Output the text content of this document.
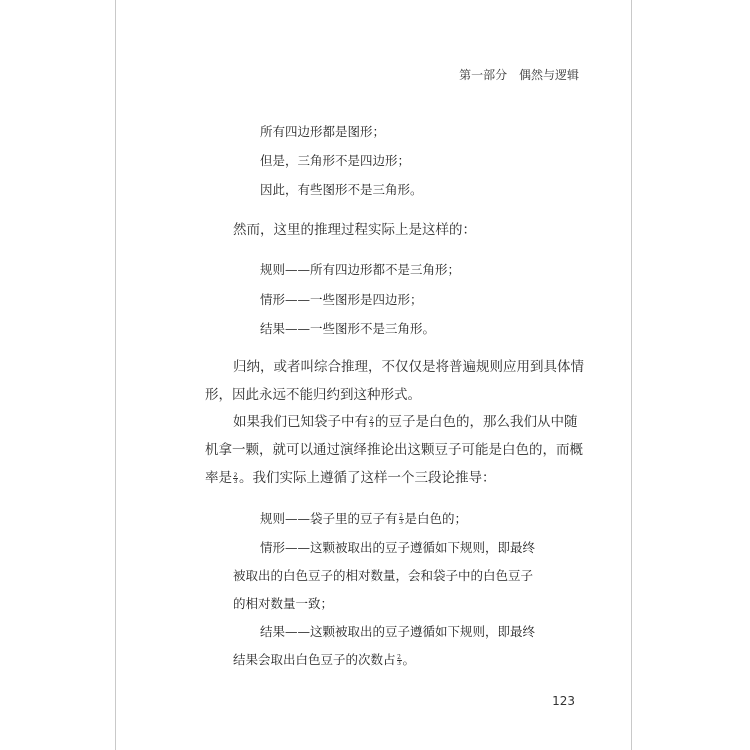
第一部分 偶然与逻辑
所有四边形都是图形；
但是，三角形不是四边形；
因此，有些图形不是三角形。
然而，这里的推理过程实际上是这样的：
规则——所有四边形都不是三角形；
情形——一些图形是四边形；
结果——一些图形不是三角形。
归纳，或者叫综合推理，不仅仅是将普遍规则应用到具体情
形，因此永远不能归约到这种形式。
如果我们已知袋子中有 $\frac{2}{3}$ 的豆子是白色的，那么我们从中随
机拿一颗，就可以通过演绎推论出这颗豆子可能是白色的，而概
率是 $\frac{2}{3}$ 。我们实际上遵循了这样一个三段论推导：
规则——袋子里的豆子有 $\frac{2}{3}$ 是白色的；
情形——这颗被取出的豆子遵循如下规则，即最终
被取出的白色豆子的相对数量，会和袋子中的白色豆子
的相对数量一致；
结果——这颗被取出的豆子遵循如下规则，即最终
结果会取出白色豆子的次数占 $\frac{2}{3}$ 。
123
